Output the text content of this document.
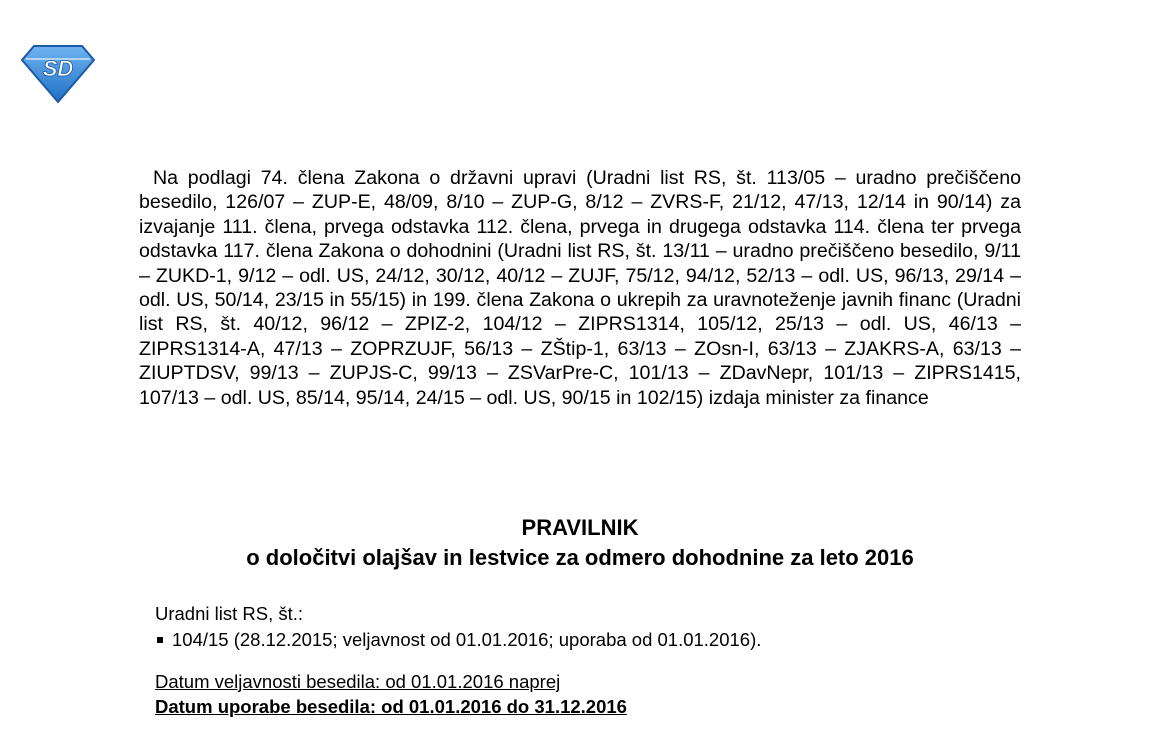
SD

Na podlagi 74. člena Zakona o državni upravi (Uradni list RS, št. 113/05 – uradno prečiščeno besedilo, 126/07 – ZUP-E, 48/09, 8/10 – ZUP-G, 8/12 – ZVRS-F, 21/12, 47/13, 12/14 in 90/14) za izvajanje 111. člena, prvega odstavka 112. člena, prvega in drugega odstavka 114. člena ter prvega odstavka 117. člena Zakona o dohodnini (Uradni list RS, št. 13/11 – uradno prečiščeno besedilo, 9/11 – ZUKD-1, 9/12 – odl. US, 24/12, 30/12, 40/12 – ZUJF, 75/12, 94/12, 52/13 – odl. US, 96/13, 29/14 – odl. US, 50/14, 23/15 in 55/15) in 199. člena Zakona o ukrepih za uravnoteženje javnih financ (Uradni list RS, št. 40/12, 96/12 – ZPIZ-2, 104/12 – ZIPRS1314, 105/12, 25/13 – odl. US, 46/13 – ZIPRS1314-A, 47/13 – ZOPRZUJF, 56/13 – ZŠtip-1, 63/13 – ZOsn-I, 63/13 – ZJAKRS-A, 63/13 – ZIUPTDSV, 99/13 – ZUPJS-C, 99/13 – ZSVarPre-C, 101/13 – ZDavNepr, 101/13 – ZIPRS1415, 107/13 – odl. US, 85/14, 95/14, 24/15 – odl. US, 90/15 in 102/15) izdaja minister za finance

PRAVILNIK
o določitvi olajšav in lestvice za odmero dohodnine za leto 2016
Uradni list RS, št.:
104/15 (28.12.2015; veljavnost od 01.01.2016; uporaba od 01.01.2016).
Datum veljavnosti besedila: od 01.01.2016 naprej
Datum uporabe besedila: od 01.01.2016 do 31.12.2016
